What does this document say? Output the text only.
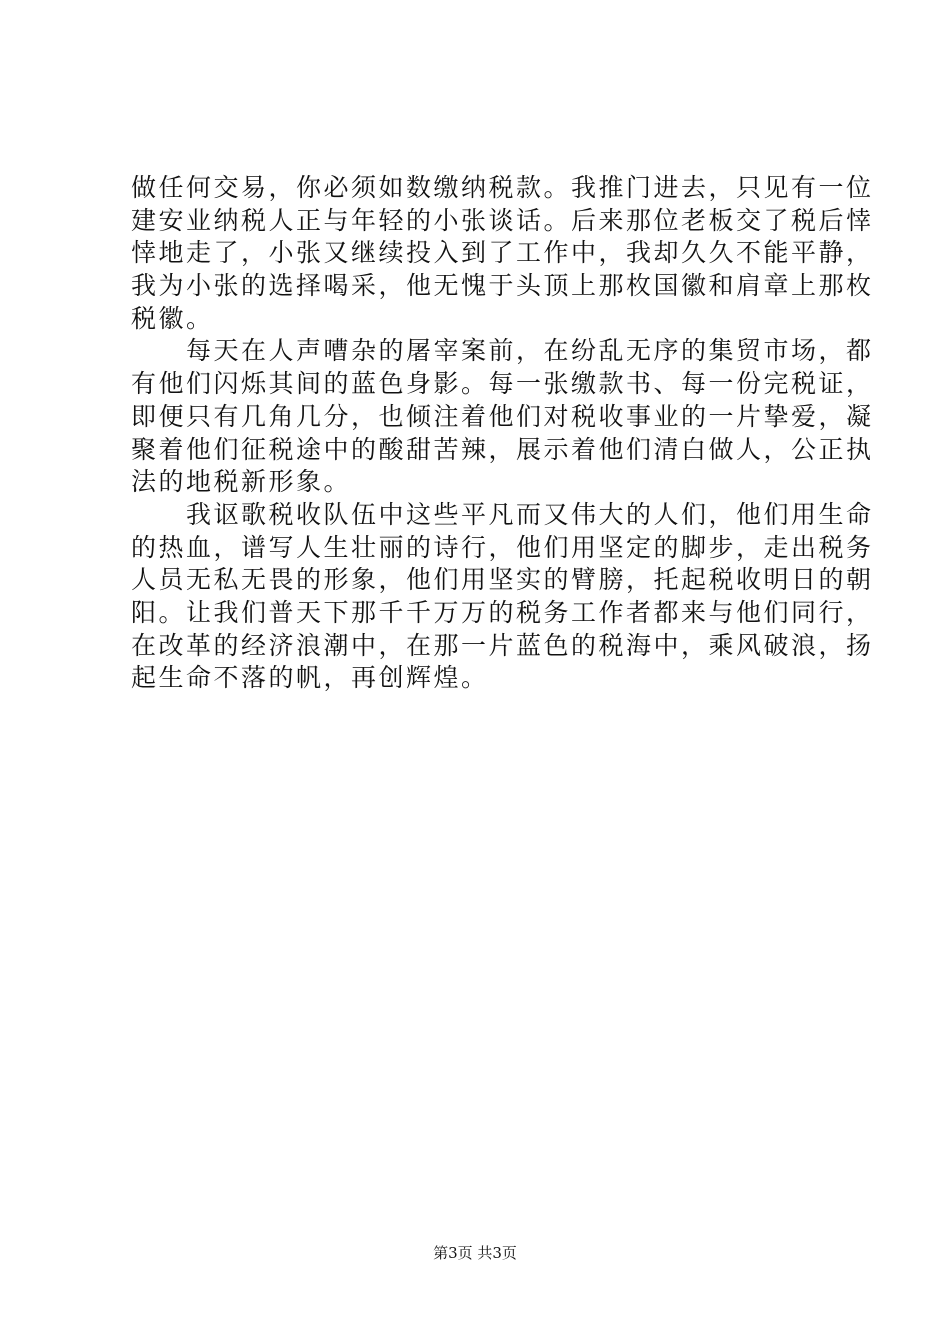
做任何交易，你必须如数缴纳税款。我推门进去，只见有一位
建安业纳税人正与年轻的小张谈话。后来那位老板交了税后悻
悻地走了，小张又继续投入到了工作中，我却久久不能平静，
我为小张的选择喝采，他无愧于头顶上那枚国徽和肩章上那枚
税徽。
　　每天在人声嘈杂的屠宰案前，在纷乱无序的集贸市场，都
有他们闪烁其间的蓝色身影。每一张缴款书、每一份完税证，
即便只有几角几分，也倾注着他们对税收事业的一片挚爱，凝
聚着他们征税途中的酸甜苦辣，展示着他们清白做人，公正执
法的地税新形象。
　　我讴歌税收队伍中这些平凡而又伟大的人们，他们用生命
的热血，谱写人生壮丽的诗行，他们用坚定的脚步，走出税务
人员无私无畏的形象，他们用坚实的臂膀，托起税收明日的朝
阳。让我们普天下那千千万万的税务工作者都来与他们同行，
在改革的经济浪潮中，在那一片蓝色的税海中，乘风破浪，扬
起生命不落的帆，再创辉煌。
第3页 共3页
